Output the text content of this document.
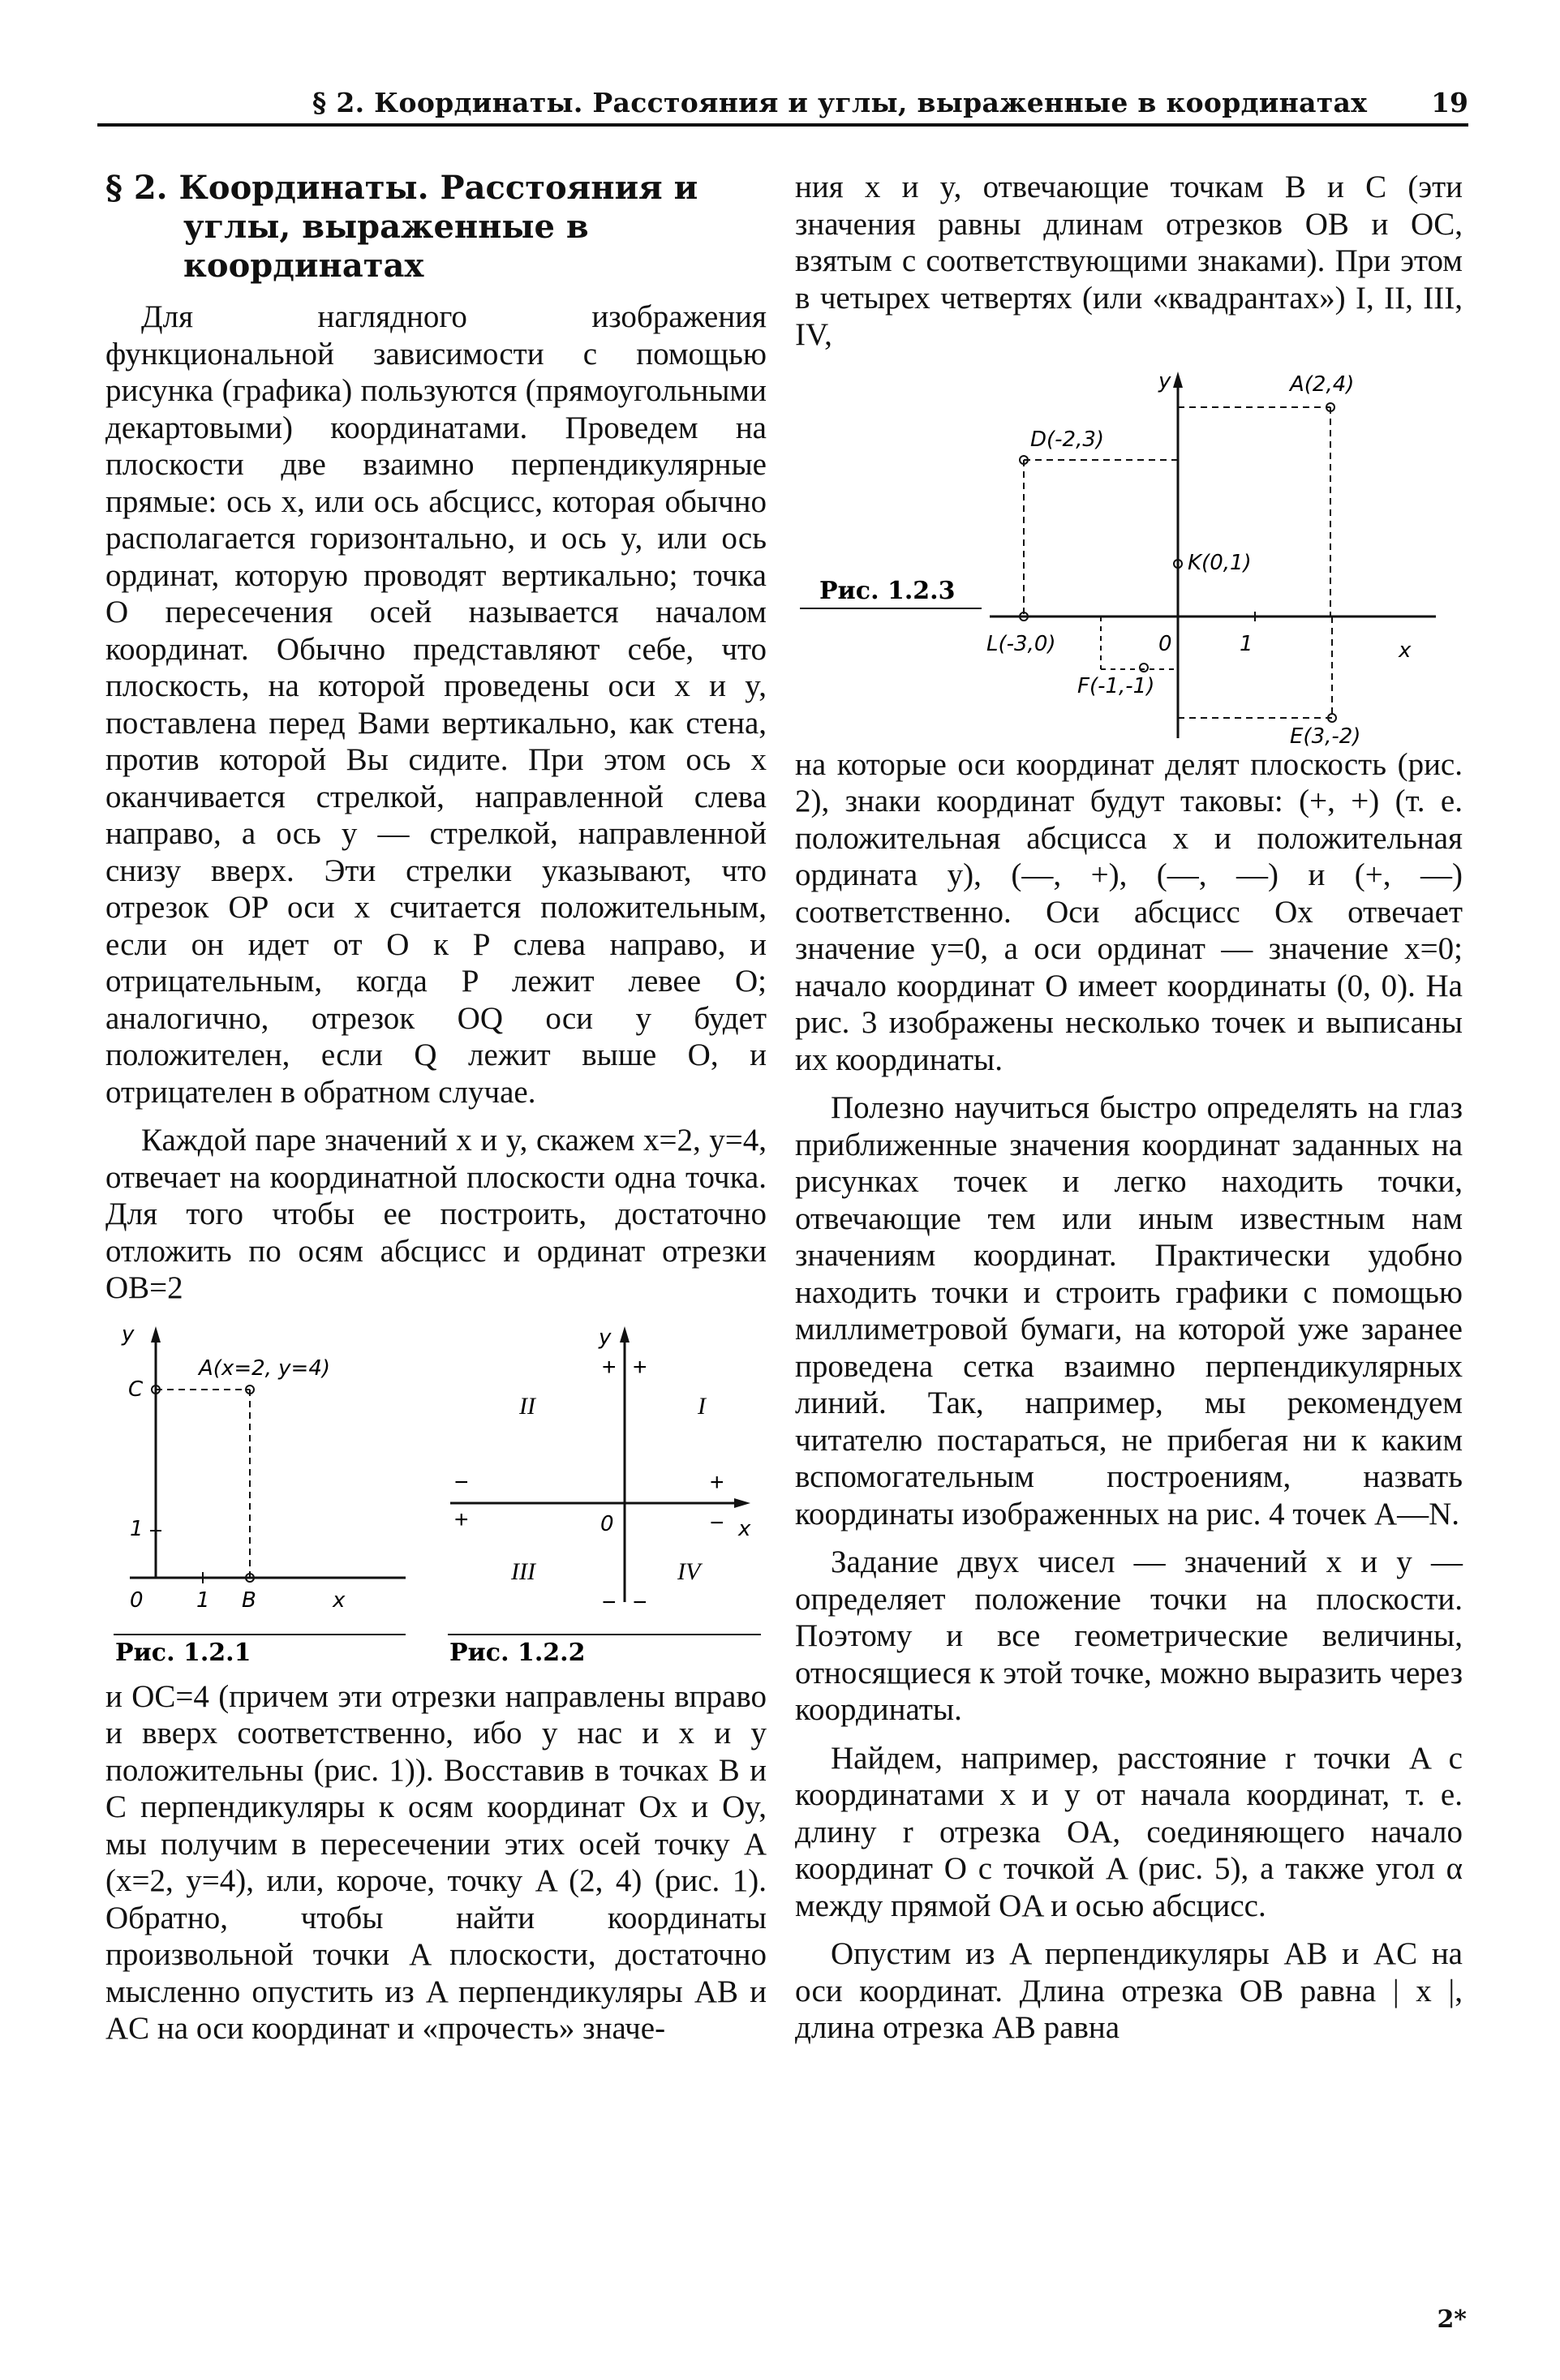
§ 2. Координаты. Расстояния и углы, выраженные в координатах 19
§ 2. Координаты. Расстояния и углы, выраженные в координатах

Для наглядного изображения функциональной зависимости с помощью рисунка (графика) пользуются (прямоугольными декартовыми) координатами. Проведем на плоскости две взаимно перпендикулярные прямые: ось x, или ось абсцисс, которая обычно располагается горизонтально, и ось y, или ось ординат, которую проводят вертикально; точка O пересечения осей называется началом координат. Обычно представляют себе, что плоскость, на которой проведены оси x и y, поставлена перед Вами вертикально, как стена, против которой Вы сидите. При этом ось x оканчивается стрелкой, направленной слева направо, а ось y — стрелкой, направленной снизу вверх. Эти стрелки указывают, что отрезок OP оси x считается положительным, если он идет от O к P слева направо, и отрицательным, когда P лежит левее O; аналогично, отрезок OQ оси y будет положителен, если Q лежит выше O, и отрицателен в обратном случае.

Каждой паре значений x и y, скажем x=2, y=4, отвечает на координатной плоскости одна точка. Для того чтобы ее построить, достаточно отложить по осям абсцисс и ординат отрезки OB=2

y
A(x=2, y=4)
C
1
0	1 B	x
Рис. 1.2.1
y
+ +
II	I
−	+
+	0	− x
III	IV
− −
Рис. 1.2.2

и OC=4 (причем эти отрезки направлены вправо и вверх соответственно, ибо у нас и x и y положительны (рис. 1)). Восставив в точках B и C перпендикуляры к осям координат Ox и Oy, мы получим в пересечении этих осей точку A (x=2, y=4), или, короче, точку A (2, 4) (рис. 1). Обратно, чтобы найти координаты произвольной точки A плоскости, достаточно мысленно опустить из A перпендикуляры AB и AC на оси координат и «прочесть» значе-

ния x и y, отвечающие точкам B и C (эти значения равны длинам отрезков OB и OC, взятым с соответствующими знаками). При этом в четырех четвертях (или «квадрантах») I, II, III, IV,

Рис. 1.2.3
y
x
0	1
A(2,4)
D(-2,3)
K(0,1)
L(-3,0)
F(-1,-1)
E(3,-2)

на которые оси координат делят плоскость (рис. 2), знаки координат будут таковы: (+, +) (т. е. положительная абсцисса x и положительная ордината y), (—, +), (—, —) и (+, —) соответственно. Оси абсцисс Ox отвечает значение y=0, а оси ординат — значение x=0; начало координат O имеет координаты (0, 0). На рис. 3 изображены несколько точек и выписаны их координаты.

Полезно научиться быстро определять на глаз приближенные значения координат заданных на рисунках точек и легко находить точки, отвечающие тем или иным известным нам значениям координат. Практически удобно находить точки и строить графики с помощью миллиметровой бумаги, на которой уже заранее проведена сетка взаимно перпендикулярных линий. Так, например, мы рекомендуем читателю постараться, не прибегая ни к каким вспомогательным построениям, назвать координаты изображенных на рис. 4 точек A—N.

Задание двух чисел — значений x и y — определяет положение точки на плоскости. Поэтому и все геометрические величины, относящиеся к этой точке, можно выразить через координаты.

Найдем, например, расстояние r точки A с координатами x и y от начала координат, т. е. длину r отрезка OA, соединяющего начало координат O с точкой A (рис. 5), а также угол α между прямой OA и осью абсцисс.

Опустим из A перпендикуляры AB и AC на оси координат. Длина отрезка OB равна | x |, длина отрезка AB равна

2*
